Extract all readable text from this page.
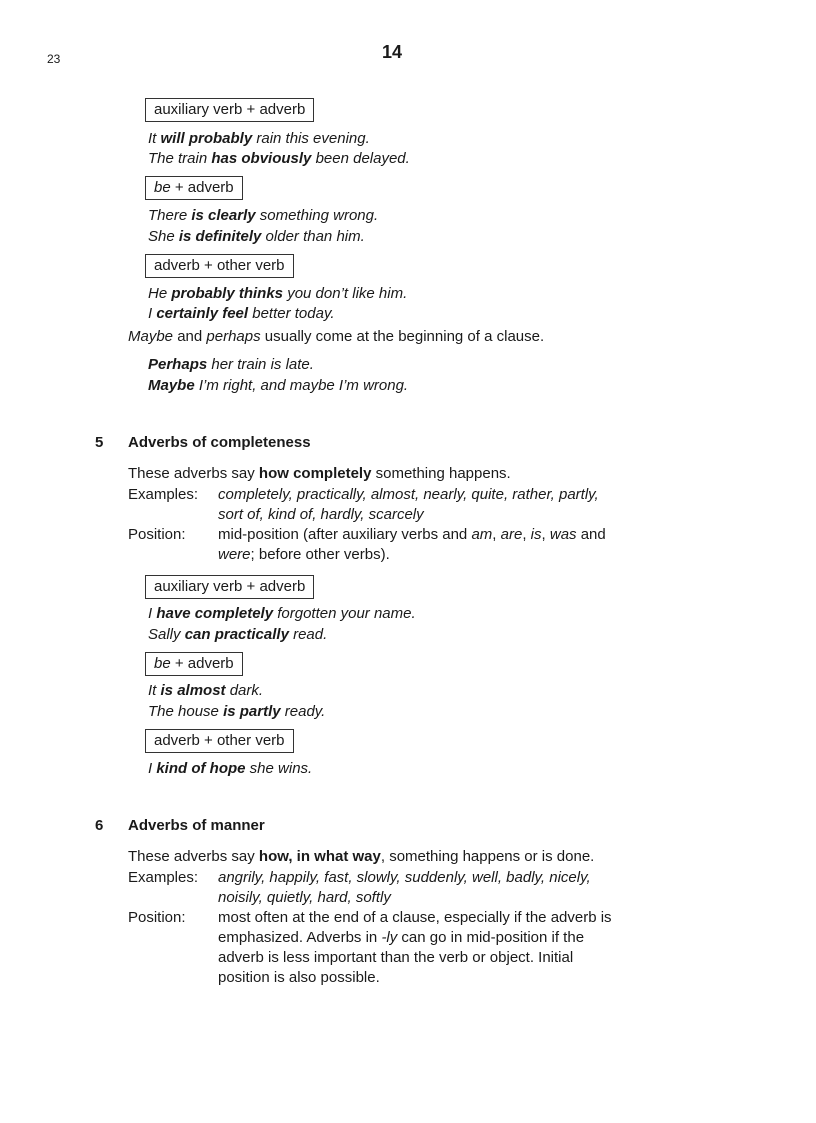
23	14
auxiliary verb + adverb
It will probably rain this evening.
The train has obviously been delayed.
be + adverb
There is clearly something wrong.
She is definitely older than him.
adverb + other verb
He probably thinks you don’t like him.
I certainly feel better today.
Maybe and perhaps usually come at the beginning of a clause.
Perhaps her train is late.
Maybe I’m right, and maybe I’m wrong.
5 Adverbs of completeness
These adverbs say how completely something happens.
Examples: completely, practically, almost, nearly, quite, rather, partly,
sort of, kind of, hardly, scarcely
Position: mid-position (after auxiliary verbs and am, are, is, was and
were; before other verbs).
auxiliary verb + adverb
I have completely forgotten your name.
Sally can practically read.
be + adverb
It is almost dark.
The house is partly ready.
adverb + other verb
I kind of hope she wins.
6 Adverbs of manner
These adverbs say how, in what way, something happens or is done.
Examples: angrily, happily, fast, slowly, suddenly, well, badly, nicely,
noisily, quietly, hard, softly
Position: most often at the end of a clause, especially if the adverb is
emphasized. Adverbs in -ly can go in mid-position if the
adverb is less important than the verb or object. Initial
position is also possible.
